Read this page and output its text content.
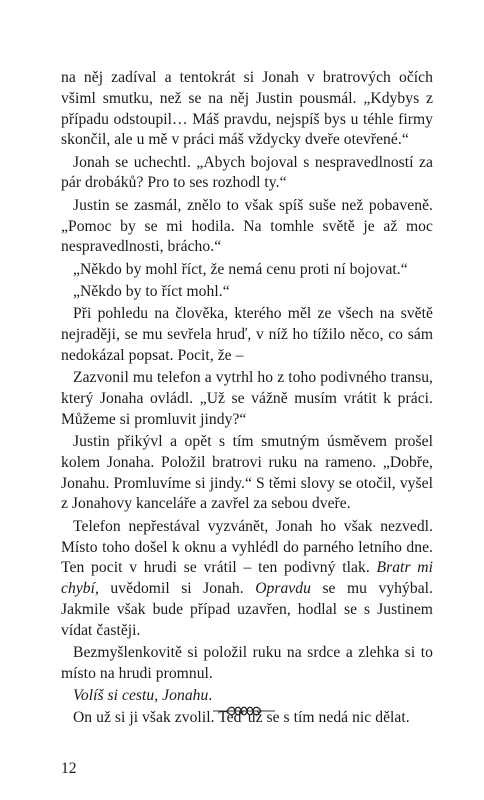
na něj zadíval a tentokrát si Jonah v bratrových očích všiml smutku, než se na něj Justin pousmál. „Kdybys z případu odstoupil… Máš pravdu, nejspíš bys u téhle firmy skončil, ale u mě v práci máš vždycky dveře otevřené.“

Jonah se uchechtl. „Abych bojoval s nespravedlností za pár drobáků? Pro to ses rozhodl ty.“

Justin se zasmál, znělo to však spíš suše než pobaveně. „Pomoc by se mi hodila. Na tomhle světě je až moc nespravedlnosti, brácho.“

„Někdo by mohl říct, že nemá cenu proti ní bojovat.“

„Někdo by to říct mohl.“

Při pohledu na člověka, kterého měl ze všech na světě nejraději, se mu sevřela hruď, v níž ho tížilo něco, co sám nedokázal popsat. Pocit, že –

Zazvonil mu telefon a vytrhl ho z toho podivného transu, který Jonaha ovládl. „Už se vážně musím vrátit k práci. Můžeme si promluvit jindy?“

Justin přikývl a opět s tím smutným úsměvem prošel kolem Jonaha. Položil bratrovi ruku na rameno. „Dobře, Jonahu. Promluvíme si jindy.“ S těmi slovy se otočil, vyšel z Jonahovy kanceláře a zavřel za sebou dveře.

Telefon nepřestával vyzvánět, Jonah ho však nezvedl. Místo toho došel k oknu a vyhlédl do parného letního dne. Ten pocit v hrudi se vrátil – ten podivný tlak. Bratr mi chybí, uvědomil si Jonah. Opravdu se mu vyhýbal. Jakmile však bude případ uzavřen, hodlal se s Justinem vídat častěji.

Bezmyšlenkovitě si položil ruku na srdce a zlehka si to místo na hrudi promnul.

Volíš si cestu, Jonahu.

On už si ji však zvolil. Teď už se s tím nedá nic dělat.

12
